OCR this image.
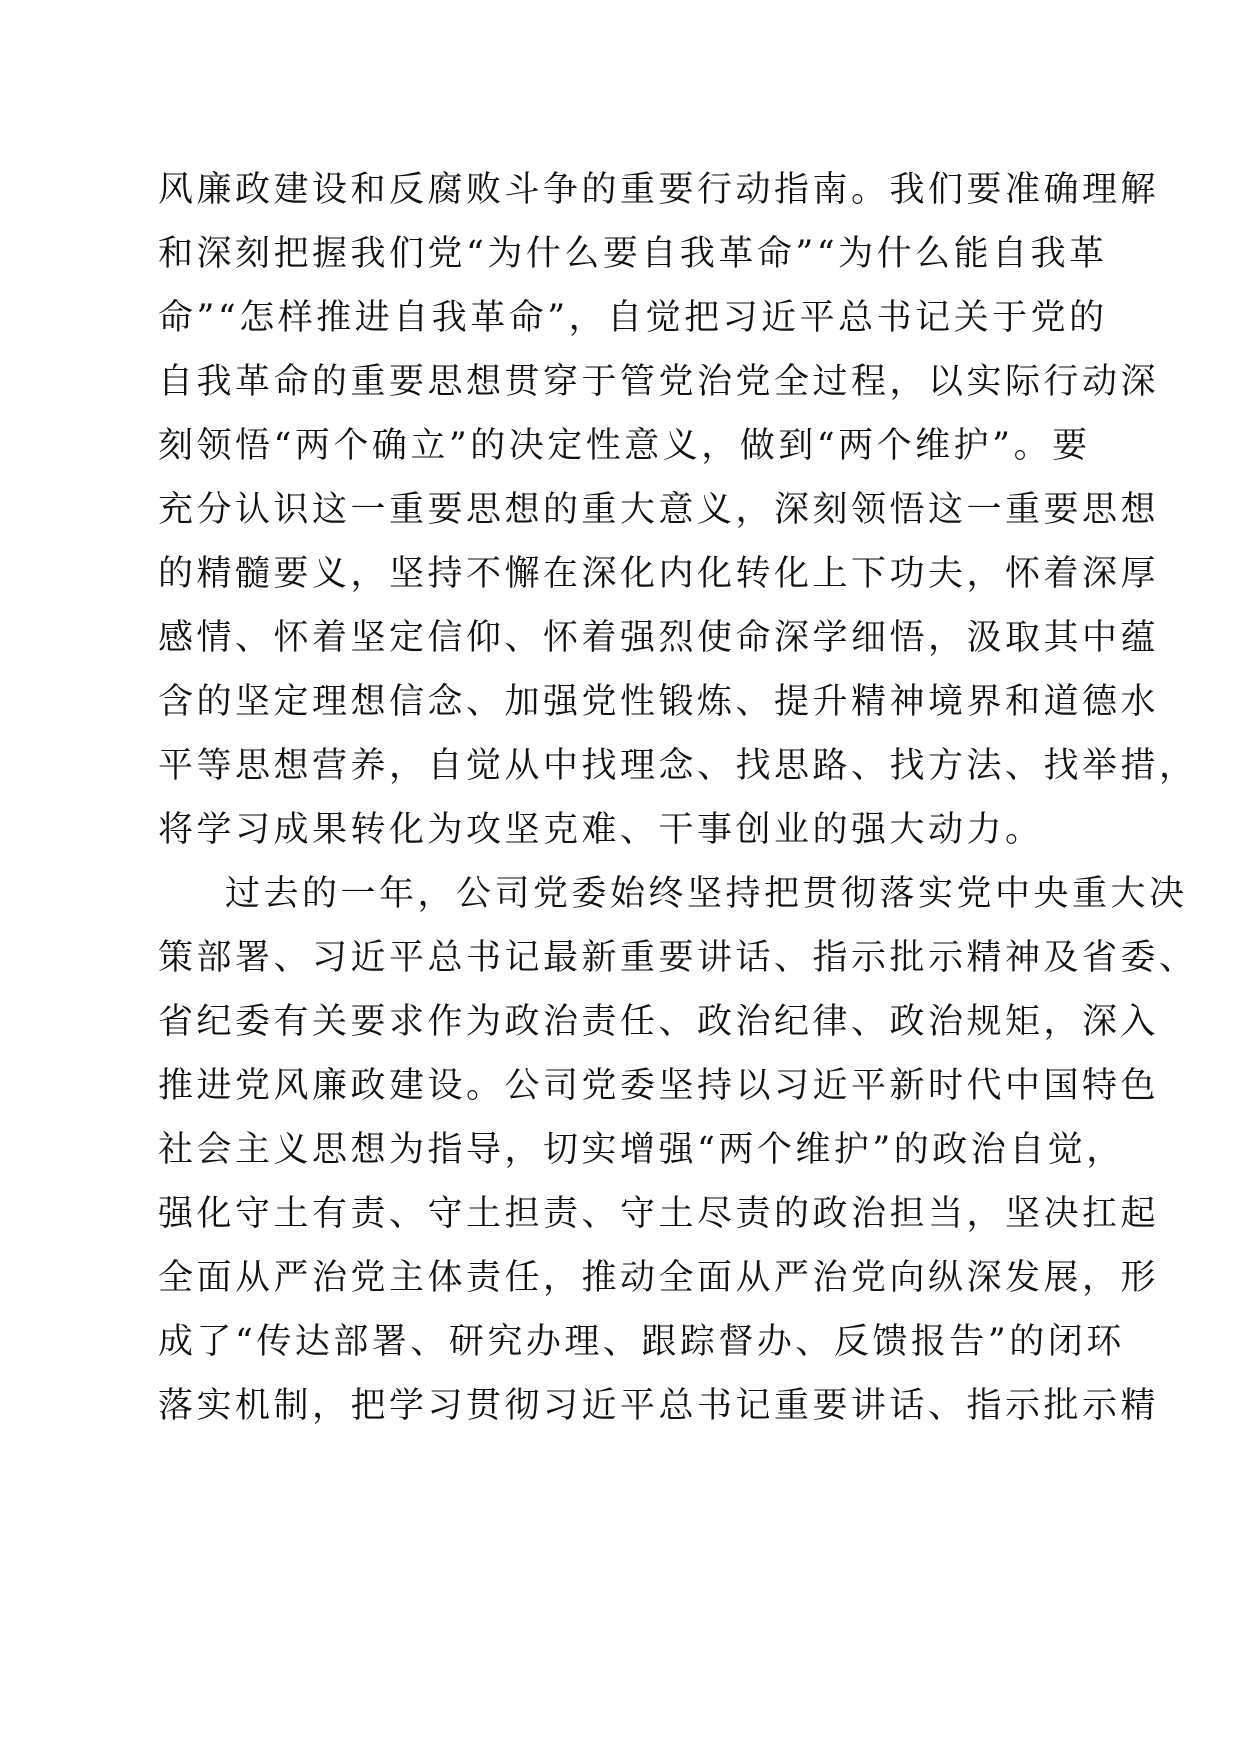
风廉政建设和反腐败斗争的重要行动指南。我们要准确理解
和深刻把握我们党“为什么要自我革命”“为什么能自我革
命”“怎样推进自我革命”，自觉把习近平总书记关于党的
自我革命的重要思想贯穿于管党治党全过程，以实际行动深
刻领悟“两个确立”的决定性意义，做到“两个维护”。要
充分认识这一重要思想的重大意义，深刻领悟这一重要思想
的精髓要义，坚持不懈在深化内化转化上下功夫，怀着深厚
感情、怀着坚定信仰、怀着强烈使命深学细悟，汲取其中蕴
含的坚定理想信念、加强党性锻炼、提升精神境界和道德水
平等思想营养，自觉从中找理念、找思路、找方法、找举措，
将学习成果转化为攻坚克难、干事创业的强大动力。
过去的一年，公司党委始终坚持把贯彻落实党中央重大决
策部署、习近平总书记最新重要讲话、指示批示精神及省委、
省纪委有关要求作为政治责任、政治纪律、政治规矩，深入
推进党风廉政建设。公司党委坚持以习近平新时代中国特色
社会主义思想为指导，切实增强“两个维护”的政治自觉，
强化守土有责、守土担责、守土尽责的政治担当，坚决扛起
全面从严治党主体责任，推动全面从严治党向纵深发展，形
成了“传达部署、研究办理、跟踪督办、反馈报告”的闭环
落实机制，把学习贯彻习近平总书记重要讲话、指示批示精
